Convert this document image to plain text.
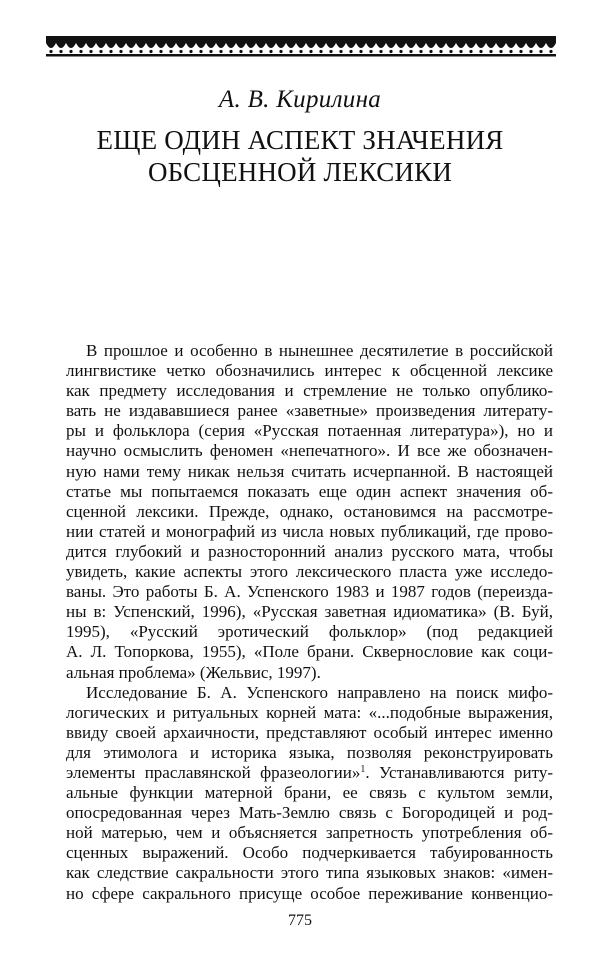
А. В. Кирилина
ЕЩЕ ОДИН АСПЕКТ ЗНАЧЕНИЯ
ОБСЦЕННОЙ ЛЕКСИКИ
В прошлое и особенно в нынешнее десятилетие в российской
лингвистике четко обозначились интерес к обсценной лексике
как предмету исследования и стремление не только опублико-
вать не издававшиеся ранее «заветные» произведения литерату-
ры и фольклора (серия «Русская потаенная литература»), но и
научно осмыслить феномен «непечатного». И все же обозначен-
ную нами тему никак нельзя считать исчерпанной. В настоящей
статье мы попытаемся показать еще один аспект значения об-
сценной лексики. Прежде, однако, остановимся на рассмотре-
нии статей и монографий из числа новых публикаций, где прово-
дится глубокий и разносторонний анализ русского мата, чтобы
увидеть, какие аспекты этого лексического пласта уже исследо-
ваны. Это работы Б. А. Успенского 1983 и 1987 годов (переизда-
ны в: Успенский, 1996), «Русская заветная идиоматика» (В. Буй,
1995), «Русский эротический фольклор» (под редакцией
А. Л. Топоркова, 1955), «Поле брани. Сквернословие как соци-
альная проблема» (Жельвис, 1997).
Исследование Б. А. Успенского направлено на поиск мифо-
логических и ритуальных корней мата: «...подобные выражения,
ввиду своей архаичности, представляют особый интерес именно
для этимолога и историка языка, позволяя реконструировать
элементы праславянской фразеологии»$^1$. Устанавливаются риту-
альные функции матерной брани, ее связь с культом земли,
опосредованная через Мать-Землю связь с Богородицей и род-
ной матерью, чем и объясняется запретность употребления об-
сценных выражений. Особо подчеркивается табуированность
как следствие сакральности этого типа языковых знаков: «имен-
но сфере сакрального присуще особое переживание конвенцио-
775
